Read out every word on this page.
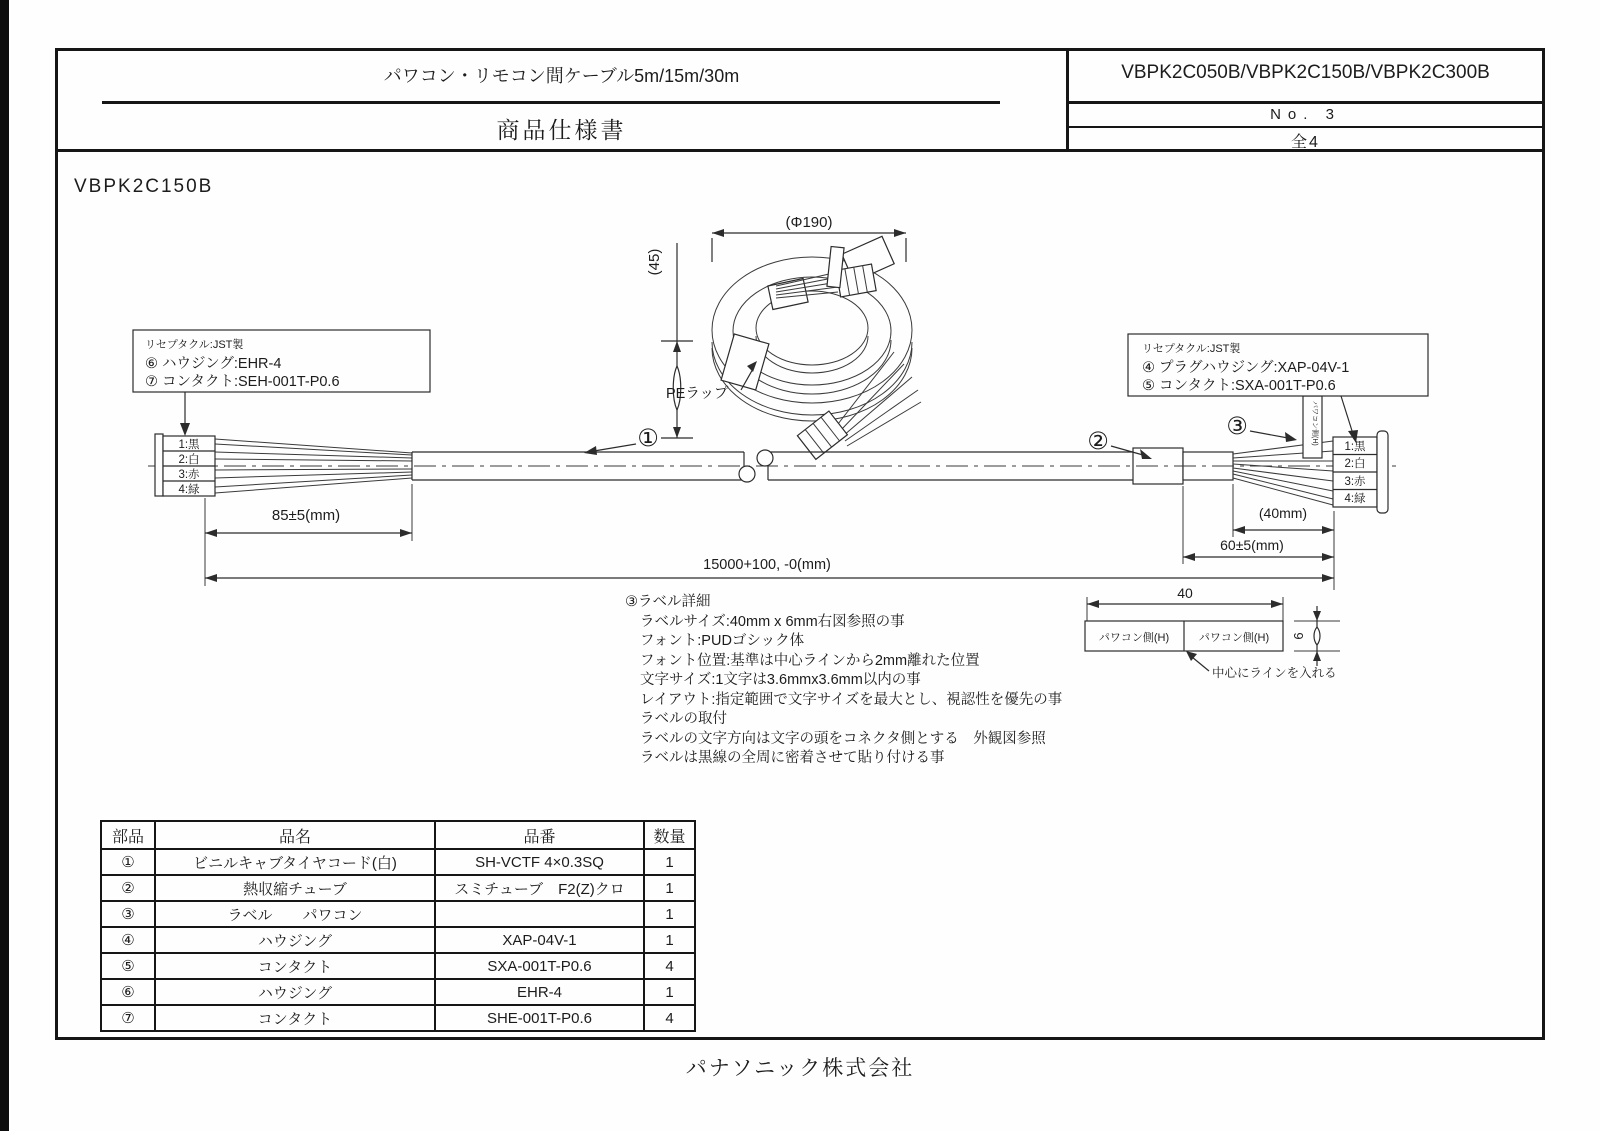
(Φ190)
(45)
PEラップ
1:黒
2:白
3:赤
4:緑
1:黒
2:白
3:赤
4:緑
パワコン側(H)
リセプタクル:JST製
⑥ ハウジング:EHR-4
⑦ コンタクト:SEH-001T-P0.6
リセプタクル:JST製
④ プラグハウジング:XAP-04V-1
⑤ コンタクト:SXA-001T-P0.6
①	②
③
85±5(mm)	(40mm)
60±5(mm)
15000+100, -0(mm)
40
パワコン側(H)	パワコン側(H) 6
中心にラインを入れる
パワコン・リモコン間ケーブル5m/15m/30m
商品仕様書
VBPK2C050B/VBPK2C150B/VBPK2C300B
No. 3
全4
VBPK2C150B
③ラベル詳細
ラベルサイズ:40mm x 6mm右図参照の事
フォント:PUDゴシック体
フォント位置:基準は中心ラインから2mm離れた位置
文字サイズ:1文字は3.6mmx3.6mm以内の事
レイアウト:指定範囲で文字サイズを最大とし、視認性を優先の事
ラベルの取付
ラベルの文字方向は文字の頭をコネクタ側とする　外観図参照
ラベルは黒線の全周に密着させて貼り付ける事
部品	品名	品番	数量
①	ビニルキャブタイヤコード(白)	SH-VCTF 4×0.3SQ	1
②	熱収縮チューブ	スミチューブ　F2(Z)クロ	1
③	ラベル　　パワコン		1
④	ハウジング	XAP-04V-1	1
⑤	コンタクト	SXA-001T-P0.6	4
⑥	ハウジング	EHR-4	1
⑦	コンタクト	SHE-001T-P0.6	4
パナソニック株式会社
